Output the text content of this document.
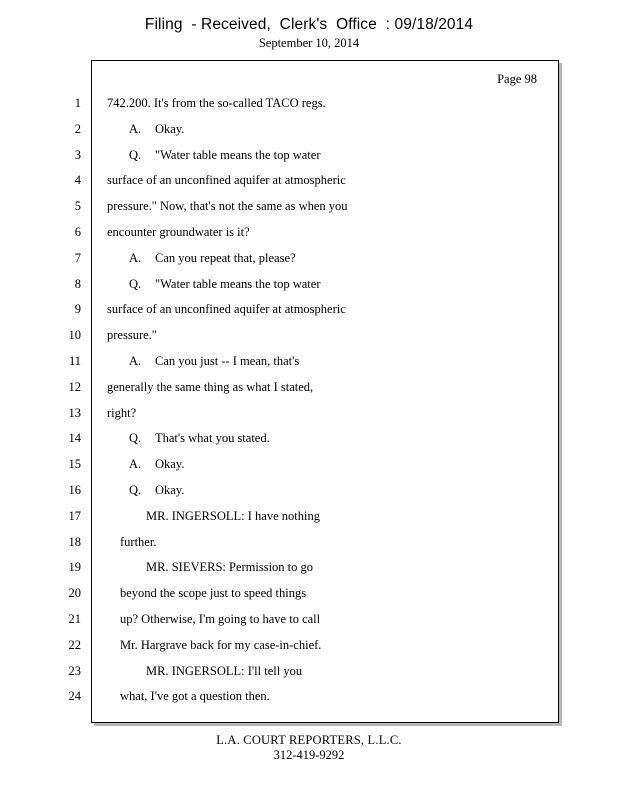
Filing  - Received,  Clerk's  Office  : 09/18/2014
September 10, 2014
Page 98
1 742.200. It's from the so-called TACO regs.
2	A. Okay.
3	Q. "Water table means the top water
4 surface of an unconfined aquifer at atmospheric
5 pressure." Now, that's not the same as when you
6 encounter groundwater is it?
7	A. Can you repeat that, please?
8	Q. "Water table means the top water
9 surface of an unconfined aquifer at atmospheric
10 pressure."
11	A. Can you just -- I mean, that's
12 generally the same thing as what I stated,
13 right?
14	Q. That's what you stated.
15	A. Okay.
16	Q. Okay.
17	MR. INGERSOLL: I have nothing
18	further.
19	MR. SIEVERS: Permission to go
20	beyond the scope just to speed things
21	up? Otherwise, I'm going to have to call
22	Mr. Hargrave back for my case-in-chief.
23	MR. INGERSOLL: I'll tell you
24	what, I've got a question then.
L.A. COURT REPORTERS, L.L.C.
312-419-9292
